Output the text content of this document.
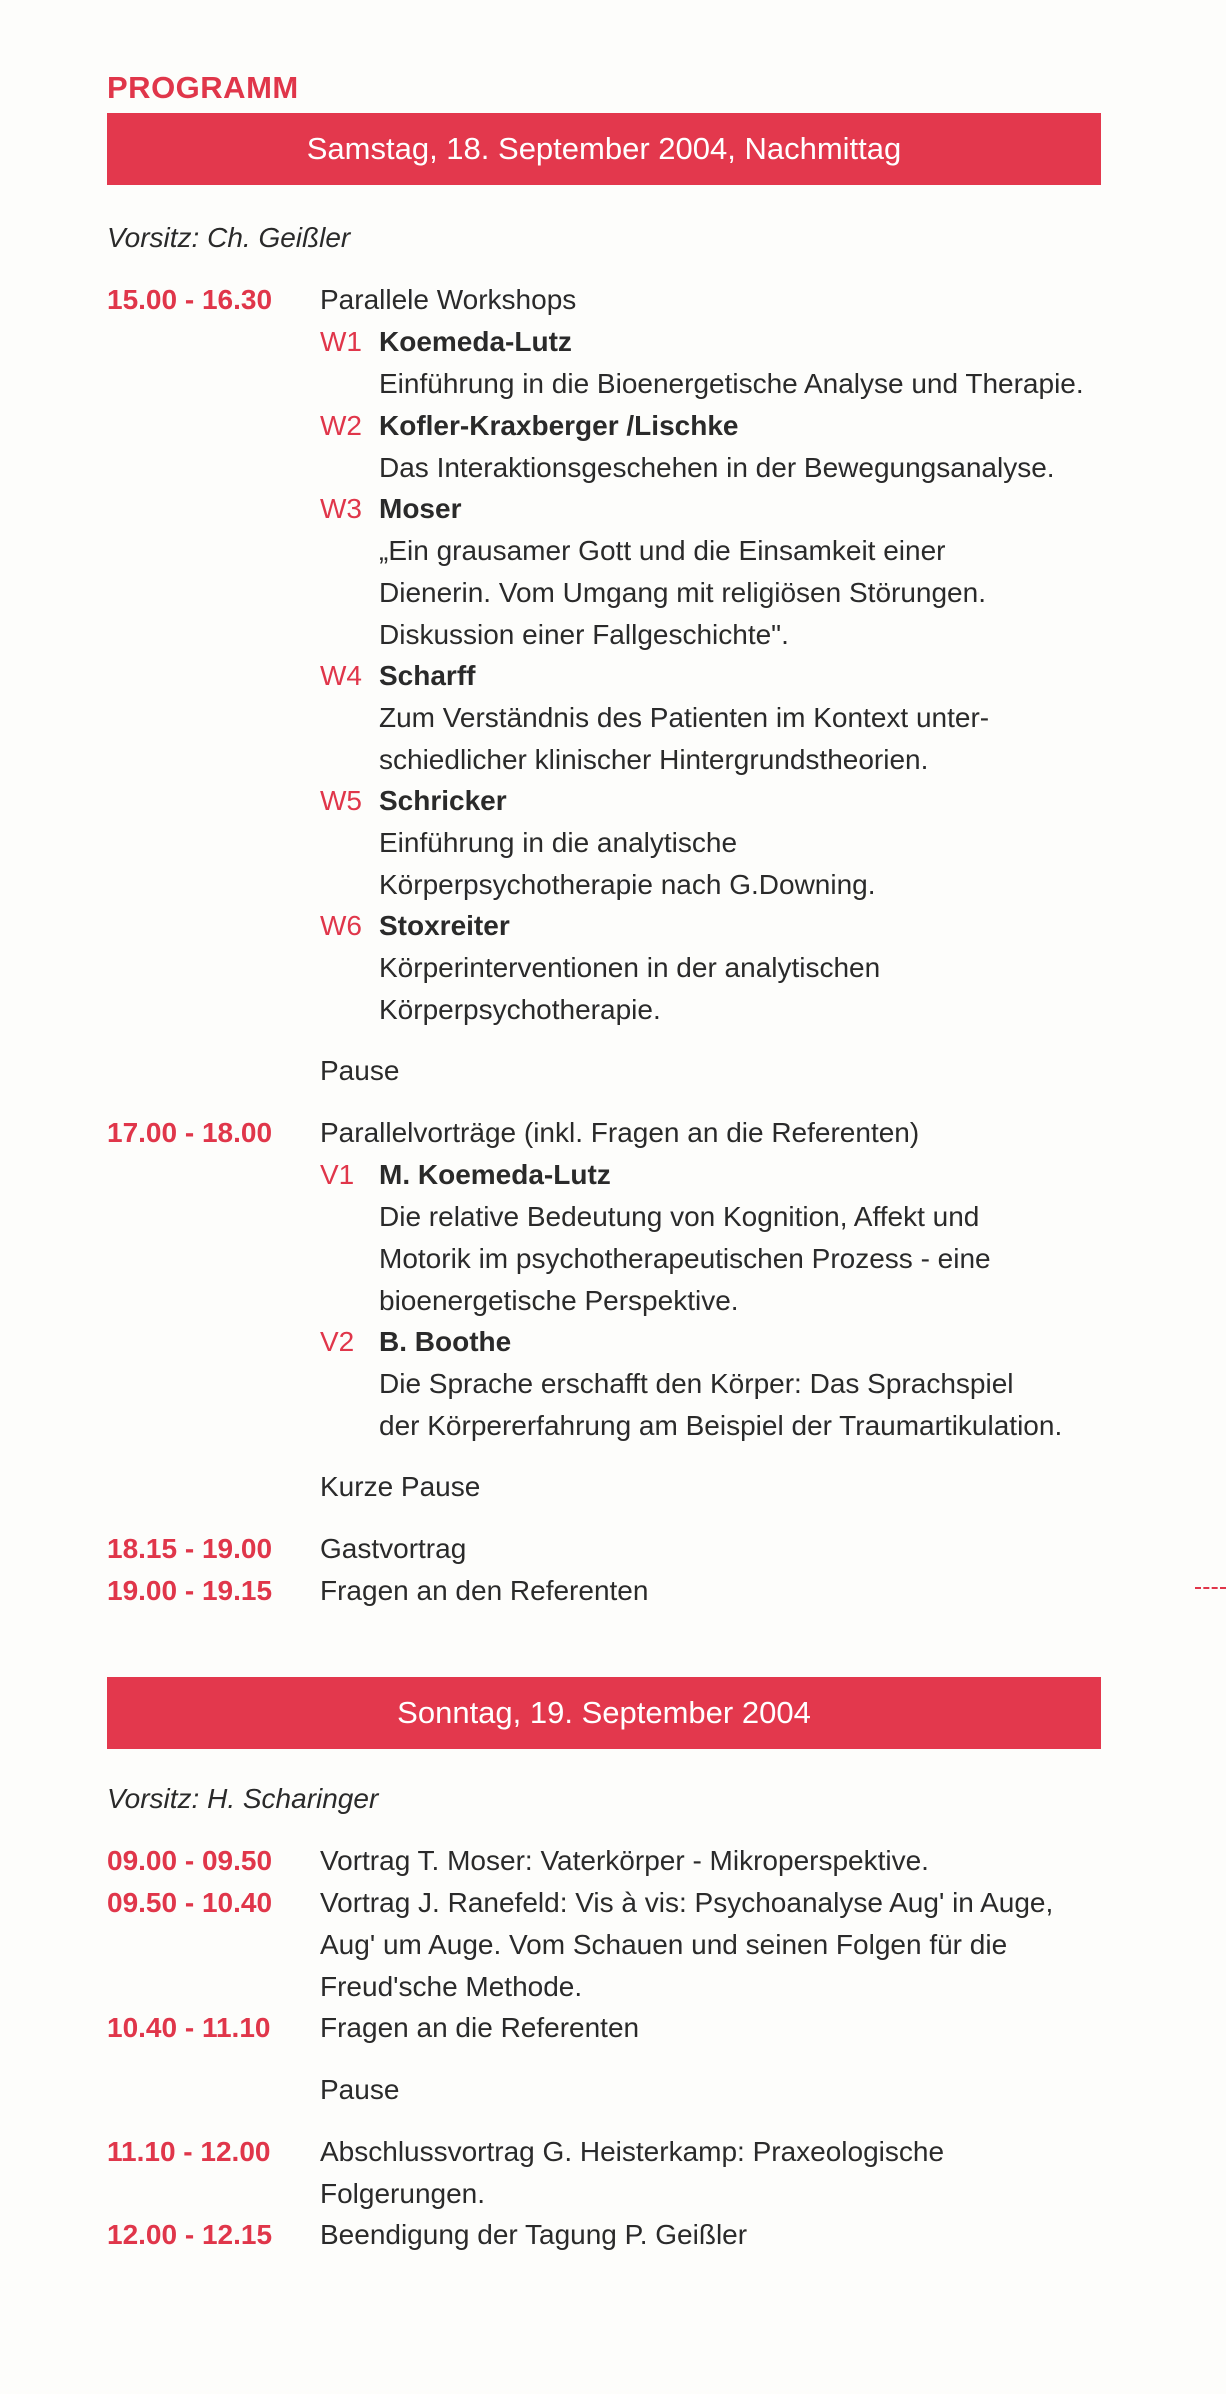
PROGRAMM
Samstag, 18. September 2004, Nachmittag
Vorsitz: Ch. Geißler
15.00 - 16.30 Parallele Workshops
W1 Koemeda-Lutz
Einführung in die Bioenergetische Analyse und Therapie.
W2 Kofler-Kraxberger /Lischke
Das Interaktionsgeschehen in der Bewegungsanalyse.
W3 Moser
„Ein grausamer Gott und die Einsamkeit einer
Dienerin. Vom Umgang mit religiösen Störungen.
Diskussion einer Fallgeschichte".
W4 Scharff
Zum Verständnis des Patienten im Kontext unter-
schiedlicher klinischer Hintergrundstheorien.
W5 Schricker
Einführung in die analytische
Körperpsychotherapie nach G.Downing.
W6 Stoxreiter
Körperinterventionen in der analytischen
Körperpsychotherapie.
Pause
17.00 - 18.00 Parallelvorträge (inkl. Fragen an die Referenten)
V1 M. Koemeda-Lutz
Die relative Bedeutung von Kognition, Affekt und
Motorik im psychotherapeutischen Prozess - eine
bioenergetische Perspektive.
V2 B. Boothe
Die Sprache erschafft den Körper: Das Sprachspiel
der Körpererfahrung am Beispiel der Traumartikulation.
Kurze Pause
18.15 - 19.00 Gastvortrag
19.00 - 19.15 Fragen an den Referenten
Sonntag, 19. September 2004
Vorsitz: H. Scharinger
09.00 - 09.50 Vortrag T. Moser: Vaterkörper - Mikroperspektive.
09.50 - 10.40 Vortrag J. Ranefeld: Vis à vis: Psychoanalyse Aug' in Auge,
Aug' um Auge. Vom Schauen und seinen Folgen für die
Freud'sche Methode.
10.40 - 11.10 Fragen an die Referenten
Pause
11.10 - 12.00 Abschlussvortrag G. Heisterkamp: Praxeologische
Folgerungen.
12.00 - 12.15 Beendigung der Tagung P. Geißler
